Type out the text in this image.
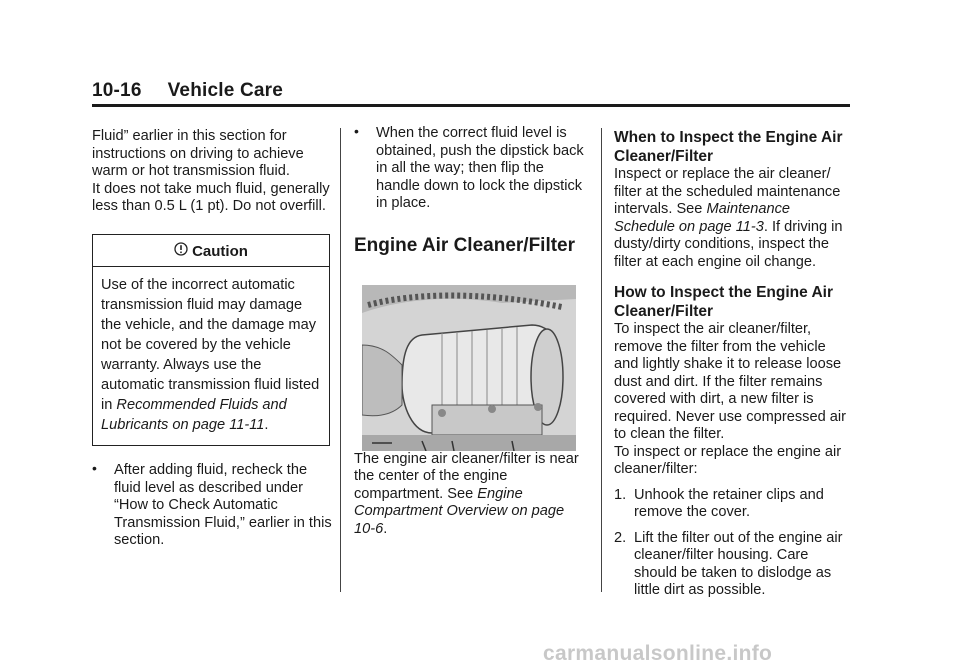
10-16 Vehicle Care

Fluid” earlier in this section for instructions on driving to achieve warm or hot transmission fluid.

It does not take much fluid, generally less than 0.5 L (1 pt). Do not overfill.

Caution
Use of the incorrect automatic transmission fluid may damage the vehicle, and the damage may not be covered by the vehicle warranty. Always use the automatic transmission fluid listed in Recommended Fluids and Lubricants on page 11-11.
• After adding fluid, recheck the fluid level as described under “How to Check Automatic Transmission Fluid,” earlier in this section.
• When the correct fluid level is obtained, push the dipstick back in all the way; then flip the handle down to lock the dipstick in place.
Engine Air Cleaner/Filter

The engine air cleaner/filter is near the center of the engine compartment. See Engine Compartment Overview on page 10-6.

When to Inspect the Engine Air Cleaner/Filter

Inspect or replace the air cleaner/ filter at the scheduled maintenance intervals. See Maintenance Schedule on page 11-3. If driving in dusty/dirty conditions, inspect the filter at each engine oil change.

How to Inspect the Engine Air Cleaner/Filter

To inspect the air cleaner/filter, remove the filter from the vehicle and lightly shake it to release loose dust and dirt. If the filter remains covered with dirt, a new filter is required. Never use compressed air to clean the filter.

To inspect or replace the engine air cleaner/filter:

1. Unhook the retainer clips and remove the cover.
2. Lift the filter out of the engine air cleaner/filter housing. Care should be taken to dislodge as little dirt as possible.
carmanualsonline.info
